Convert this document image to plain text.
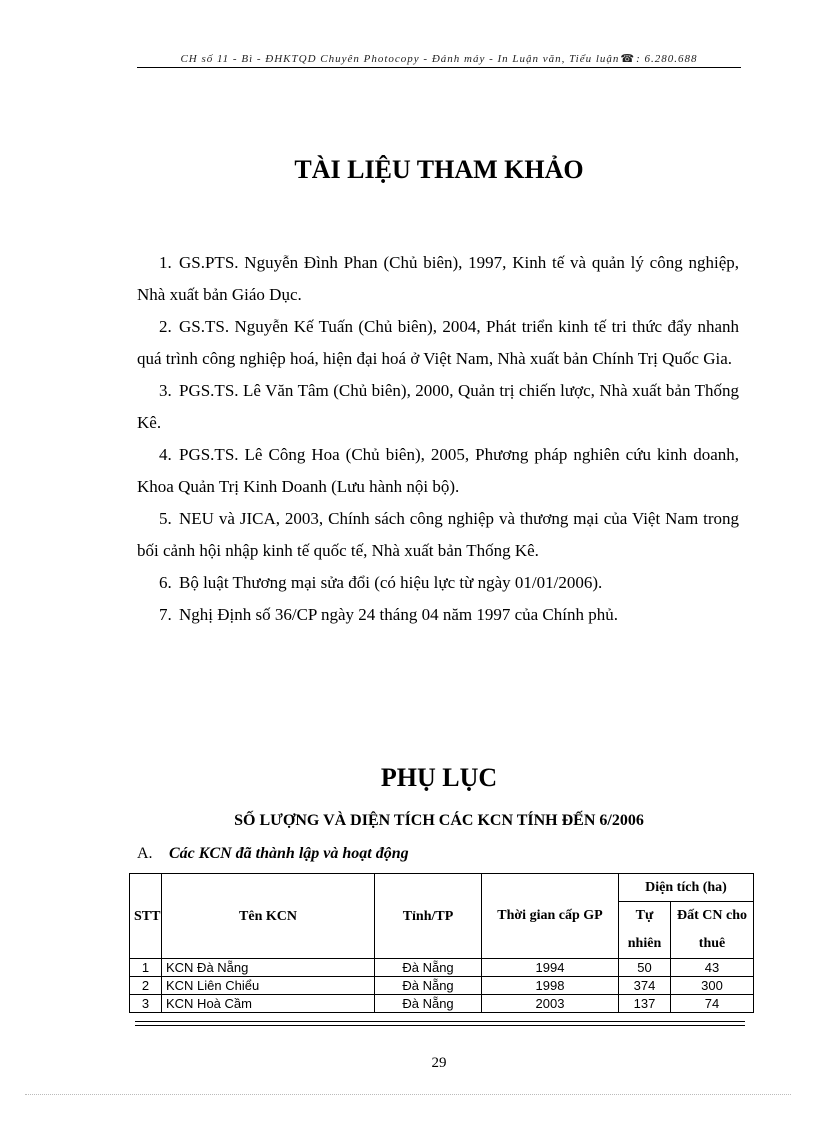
CH số 11 - Bì - ĐHKTQD Chuyên Photocopy - Đánh máy - In Luận văn, Tiểu luận☎: 6.280.688
TÀI LIỆU THAM KHẢO

1. GS.PTS. Nguyễn Đình Phan (Chủ biên), 1997, Kinh tế và quản lý công nghiệp, Nhà xuất bản Giáo Dục.

2. GS.TS. Nguyễn Kế Tuấn (Chủ biên), 2004, Phát triển kinh tế tri thức đẩy nhanh quá trình công nghiệp hoá, hiện đại hoá ở Việt Nam, Nhà xuất bản Chính Trị Quốc Gia.

3. PGS.TS. Lê Văn Tâm (Chủ biên), 2000, Quản trị chiến lược, Nhà xuất bản Thống Kê.

4. PGS.TS. Lê Công Hoa (Chủ biên), 2005, Phương pháp nghiên cứu kinh doanh, Khoa Quản Trị Kinh Doanh (Lưu hành nội bộ).

5. NEU và JICA, 2003, Chính sách công nghiệp và thương mại của Việt Nam trong bối cảnh hội nhập kinh tế quốc tế, Nhà xuất bản Thống Kê.

6. Bộ luật Thương mại sửa đổi (có hiệu lực từ ngày 01/01/2006).

7. Nghị Định số 36/CP ngày 24 tháng 04 năm 1997 của Chính phủ.

PHỤ LỤC
SỐ LƯỢNG VÀ DIỆN TÍCH CÁC KCN TÍNH ĐẾN 6/2006
A. Các KCN đã thành lập và hoạt động
STT	Tên KCN	Tỉnh/TP	Thời gian cấp GP	Diện tích (ha)	
				Tự nhiên	Đất CN cho thuê
1	KCN Đà Nẵng	Đà Nẵng	1994	50	43
2	KCN Liên Chiểu	Đà Nẵng	1998	374	300
3	KCN Hoà Cầm	Đà Nẵng	2003	137	74
29
